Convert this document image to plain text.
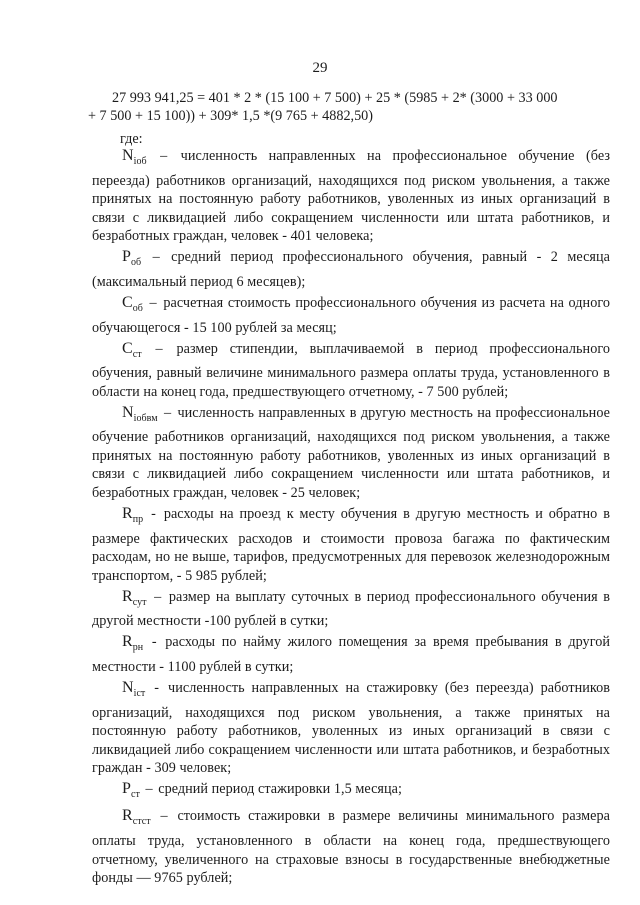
29
27 993 941,25 = 401 * 2 * (15 100 + 7 500) + 25 * (5985 + 2* (3000 + 33 000
+ 7 500 + 15 100)) + 309* 1,5 *(9 765 + 4882,50)
где:

$N_{iоб}$ – численность направленных на профессиональное обучение (без переезда) работников организаций, находящихся под риском увольнения, а также принятых на постоянную работу работников, уволенных из иных организаций в связи с ликвидацией либо сокращением численности или штата работников, и безработных граждан, человек - 401 человека;

$P_{об}$ – средний период профессионального обучения, равный - 2 месяца (максимальный период 6 месяцев);

$C_{об}$ – расчетная стоимость профессионального обучения из расчета на одного обучающегося - 15 100 рублей за месяц;

$C_{ст}$ – размер стипендии, выплачиваемой в период профессионального обучения, равный величине минимального размера оплаты труда, установленного в области на конец года, предшествующего отчетному, - 7 500 рублей;

$N_{iобвм}$ – численность направленных в другую местность на профессиональное обучение работников организаций, находящихся под риском увольнения, а также принятых на постоянную работу работников, уволенных из иных организаций в связи с ликвидацией либо сокращением численности или штата работников, и безработных граждан, человек - 25 человек;

$R_{пр}$ - расходы на проезд к месту обучения в другую местность и обратно в размере фактических расходов и стоимости провоза багажа по фактическим расходам, но не выше, тарифов, предусмотренных для перевозок железнодорожным транспортом, - 5 985 рублей;

$R_{сут}$ – размер на выплату суточных в период профессионального обучения в другой местности -100 рублей в сутки;

$R_{рн}$ - расходы по найму жилого помещения за время пребывания в другой местности - 1100 рублей в сутки;

$N_{iст}$ - численность направленных на стажировку (без переезда) работников организаций, находящихся под риском увольнения, а также принятых на постоянную работу работников, уволенных из иных организаций в связи с ликвидацией либо сокращением численности или штата работников, и безработных граждан - 309 человек;

$P_{ст}$ – средний период стажировки 1,5 месяца;

$R_{стст}$ – стоимость стажировки в размере величины минимального размера оплаты труда, установленного в области на конец года, предшествующего отчетному, увеличенного на страховые взносы в государственные внебюджетные фонды — 9765 рублей;
